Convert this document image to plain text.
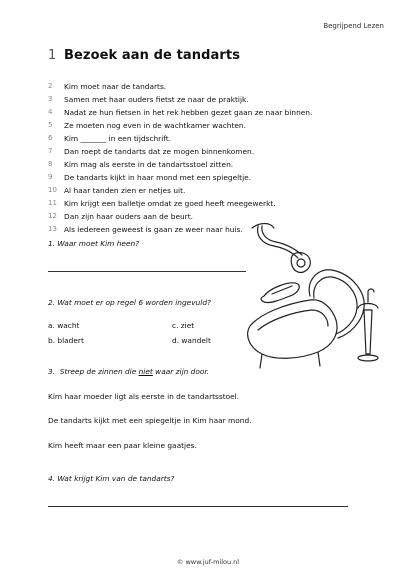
Begrijpend Lezen
1 Bezoek aan de tandarts
2	Kim moet naar de tandarts.
3	Samen met haar ouders fietst ze naar de praktijk.
4	Nadat ze hun fietsen in het rek hebben gezet gaan ze naar binnen.
5	Ze moeten nog even in de wachtkamer wachten.
6	Kim _______ in een tijdschrift.
7	Dan roept de tandarts dat ze mogen binnenkomen.
8	Kim mag als eerste in de tandartsstoel zitten.
9	De tandarts kijkt in haar mond met een spiegeltje.
10 Al haar tanden zien er netjes uit.
11 Kim krijgt een balletje omdat ze goed heeft meegewerkt.
12 Dan zijn haar ouders aan de beurt.
13 Als iedereen geweest is gaan ze weer naar huis.
1. Waar moet Kim heen?
2. Wat moet er op regel 6 worden ingevuld?
a. wacht	c. ziet
b. bladert	d. wandelt
3.  Streep de zinnen die niet waar zijn door.
Kim haar moeder ligt als eerste in de tandartsstoel.
De tandarts kijkt met een spiegeltje in Kim haar mond.
Kim heeft maar een paar kleine gaatjes.
4. Wat krijgt Kim van de tandarts?
© www.juf-milou.nl
